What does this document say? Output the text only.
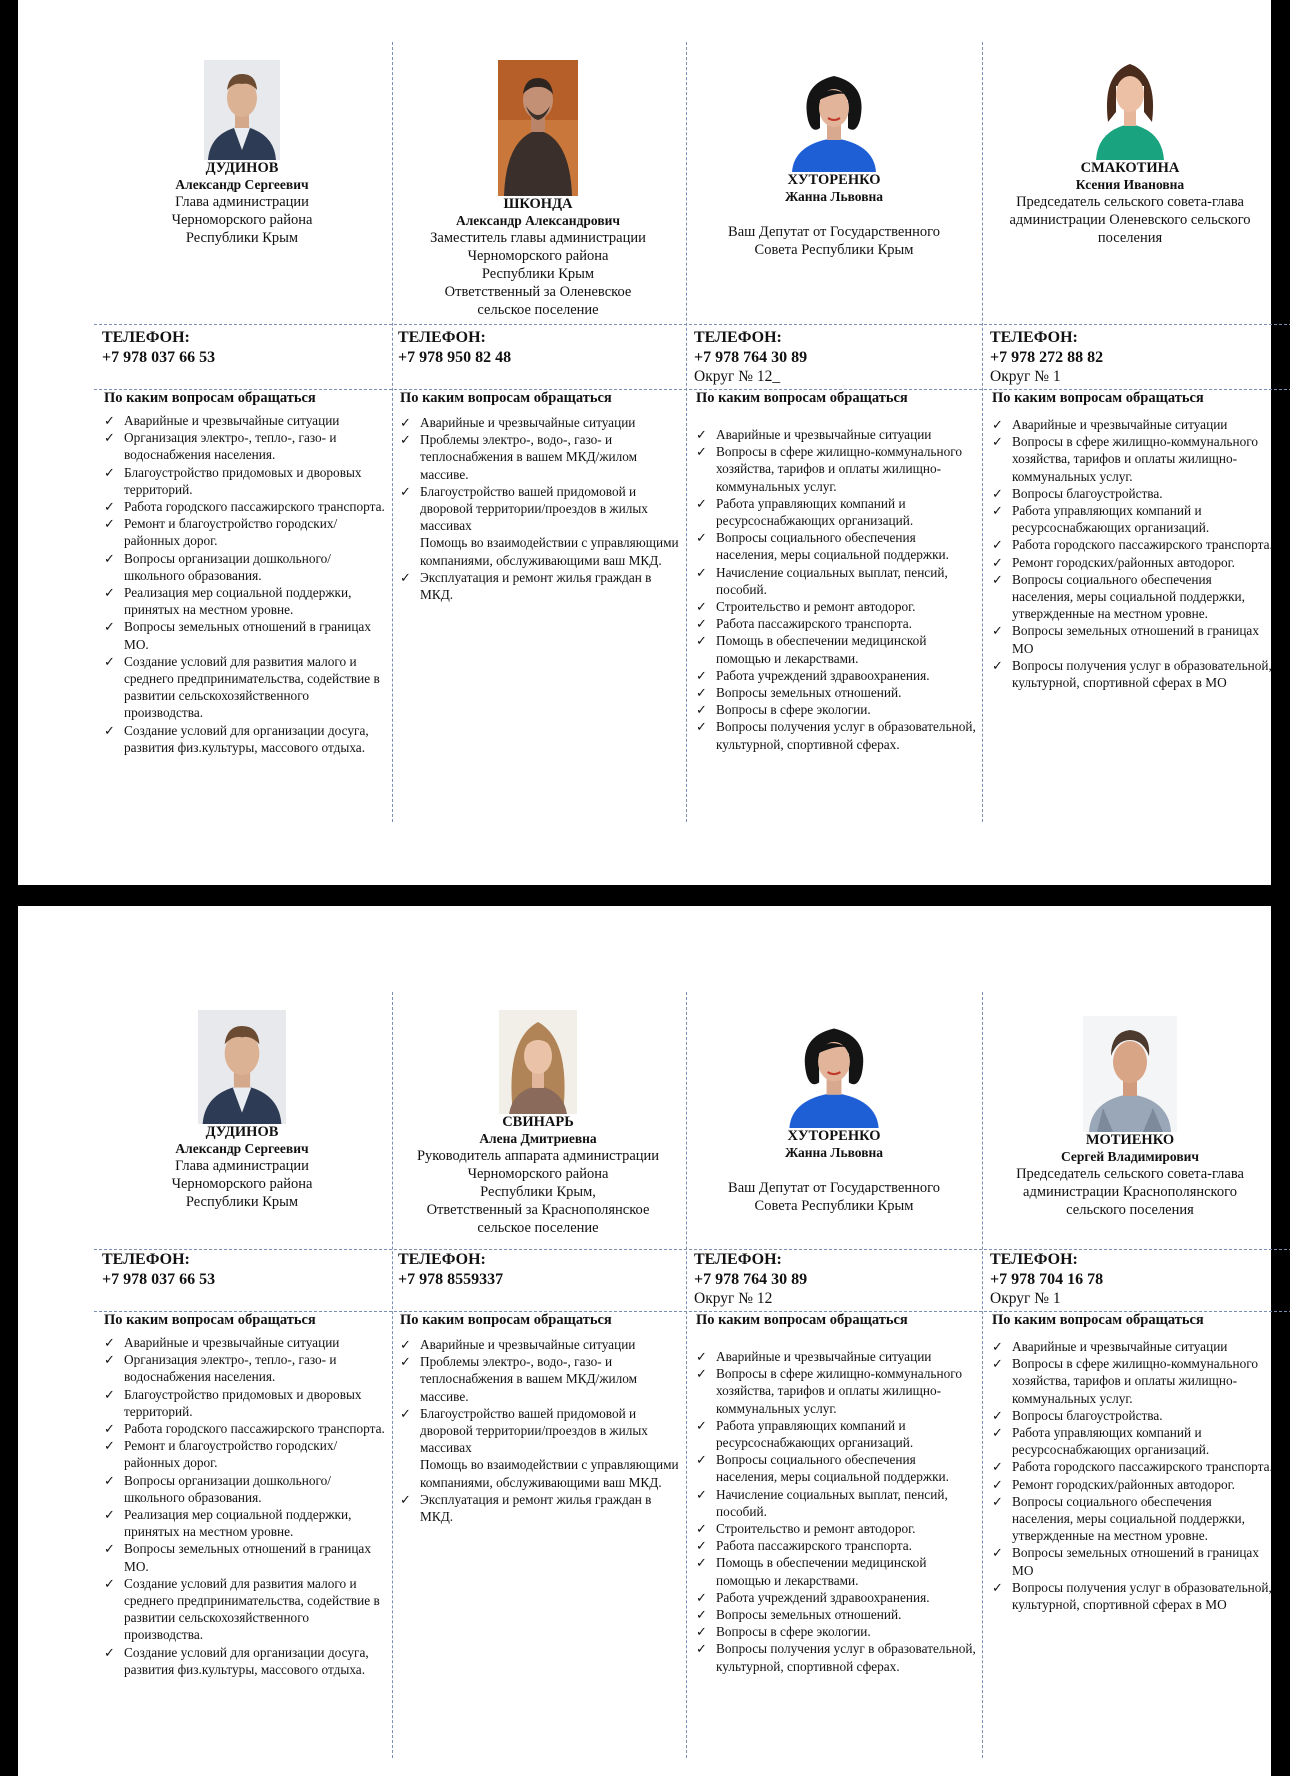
ДУДИНОВ
Александр Сергеевич
Глава администрации
Черноморского района
Республики Крым
ТЕЛЕФОН:
+7 978 037 66 53
По каким вопросам обращаться
✓ Аварийные и чрезвычайные ситуации
✓ Организация электро-, тепло-, газо- и водоснабжения населения.
✓ Благоустройство придомовых и дворовых территорий.
✓ Работа городского пассажирского транспорта.
✓ Ремонт и благоустройство городских/районных дорог.
✓ Вопросы организации дошкольного/школьного образования.
✓ Реализация мер социальной поддержки, принятых на местном уровне.
✓ Вопросы земельных отношений в границах МО.
✓ Создание условий для развития малого и среднего предпринимательства, содействие в развитии сельскохозяйственного производства.
✓ Создание условий для организации досуга, развития физ.культуры, массового отдыха.
ШКОНДА
Александр Александрович
Заместитель главы администрации
Черноморского района
Республики Крым
Ответственный за Оленевское
сельское поселение
ТЕЛЕФОН:
+7 978 950 82 48
По каким вопросам обращаться
✓ Аварийные и чрезвычайные ситуации
✓ Проблемы электро-, водо-, газо- и теплоснабжения в вашем МКД/жилом массиве.
✓ Благоустройство вашей придомовой и дворовой территории/проездов в жилых массивах
Помощь во взаимодействии с управляющими компаниями, обслуживающими ваш МКД.
✓ Эксплуатация и ремонт жилья граждан в МКД.
ХУТОРЕНКО
Жанна Львовна
Ваш Депутат от Государственного
Совета Республики Крым
ТЕЛЕФОН:
+7 978 764 30 89
Округ № 12_
По каким вопросам обращаться
✓ Аварийные и чрезвычайные ситуации
✓ Вопросы в сфере жилищно-коммунального хозяйства, тарифов и оплаты жилищно-коммунальных услуг.
✓ Работа управляющих компаний и ресурсоснабжающих организаций.
✓ Вопросы социального обеспечения населения, меры социальной поддержки.
✓ Начисление социальных выплат, пенсий, пособий.
✓ Строительство и ремонт автодорог.
✓ Работа пассажирского транспорта.
✓ Помощь в обеспечении медицинской помощью и лекарствами.
✓ Работа учреждений здравоохранения.
✓ Вопросы земельных отношений.
✓ Вопросы в сфере экологии.
✓ Вопросы получения услуг в образовательной, культурной, спортивной сферах.
СМАКОТИНА
Ксения Ивановна
Председатель сельского совета-глава
администрации Оленевского сельского
поселения
ТЕЛЕФОН:
+7 978 272 88 82
Округ № 1
По каким вопросам обращаться
✓ Аварийные и чрезвычайные ситуации
✓ Вопросы в сфере жилищно-коммунального хозяйства, тарифов и оплаты жилищно-коммунальных услуг.
✓ Вопросы благоустройства.
✓ Работа управляющих компаний и ресурсоснабжающих организаций.
✓ Работа городского пассажирского транспорта.
✓ Ремонт городских/районных автодорог.
✓ Вопросы социального обеспечения населения, меры социальной поддержки, утвержденные на местном уровне.
✓ Вопросы земельных отношений в границах МО
✓ Вопросы получения услуг в образовательной, культурной, спортивной сферах в МО
ДУДИНОВ
Александр Сергеевич
Глава администрации
Черноморского района
Республики Крым
ТЕЛЕФОН:
+7 978 037 66 53
По каким вопросам обращаться
✓ Аварийные и чрезвычайные ситуации
✓ Организация электро-, тепло-, газо- и водоснабжения населения.
✓ Благоустройство придомовых и дворовых территорий.
✓ Работа городского пассажирского транспорта.
✓ Ремонт и благоустройство городских/районных дорог.
✓ Вопросы организации дошкольного/школьного образования.
✓ Реализация мер социальной поддержки, принятых на местном уровне.
✓ Вопросы земельных отношений в границах МО.
✓ Создание условий для развития малого и среднего предпринимательства, содействие в развитии сельскохозяйственного производства.
✓ Создание условий для организации досуга, развития физ.культуры, массового отдыха.
СВИНАРЬ
Алена Дмитриевна
Руководитель аппарата администрации
Черноморского района
Республики Крым,
Ответственный за Краснополянское
сельское поселение
ТЕЛЕФОН:
+7 978 8559337
По каким вопросам обращаться
✓ Аварийные и чрезвычайные ситуации
✓ Проблемы электро-, водо-, газо- и теплоснабжения в вашем МКД/жилом массиве.
✓ Благоустройство вашей придомовой и дворовой территории/проездов в жилых массивах
Помощь во взаимодействии с управляющими компаниями, обслуживающими ваш МКД.
✓ Эксплуатация и ремонт жилья граждан в МКД.
ХУТОРЕНКО
Жанна Львовна
Ваш Депутат от Государственного
Совета Республики Крым
ТЕЛЕФОН:
+7 978 764 30 89
Округ № 12
По каким вопросам обращаться
✓ Аварийные и чрезвычайные ситуации
✓ Вопросы в сфере жилищно-коммунального хозяйства, тарифов и оплаты жилищно-коммунальных услуг.
✓ Работа управляющих компаний и ресурсоснабжающих организаций.
✓ Вопросы социального обеспечения населения, меры социальной поддержки.
✓ Начисление социальных выплат, пенсий, пособий.
✓ Строительство и ремонт автодорог.
✓ Работа пассажирского транспорта.
✓ Помощь в обеспечении медицинской помощью и лекарствами.
✓ Работа учреждений здравоохранения.
✓ Вопросы земельных отношений.
✓ Вопросы в сфере экологии.
✓ Вопросы получения услуг в образовательной, культурной, спортивной сферах.
МОТИЕНКО
Сергей Владимирович
Председатель сельского совета-глава
администрации Краснополянского
сельского поселения
ТЕЛЕФОН:
+7 978 704 16 78
Округ № 1
По каким вопросам обращаться
✓ Аварийные и чрезвычайные ситуации
✓ Вопросы в сфере жилищно-коммунального хозяйства, тарифов и оплаты жилищно-коммунальных услуг.
✓ Вопросы благоустройства.
✓ Работа управляющих компаний и ресурсоснабжающих организаций.
✓ Работа городского пассажирского транспорта.
✓ Ремонт городских/районных автодорог.
✓ Вопросы социального обеспечения населения, меры социальной поддержки, утвержденные на местном уровне.
✓ Вопросы земельных отношений в границах МО
✓ Вопросы получения услуг в образовательной, культурной, спортивной сферах в МО
